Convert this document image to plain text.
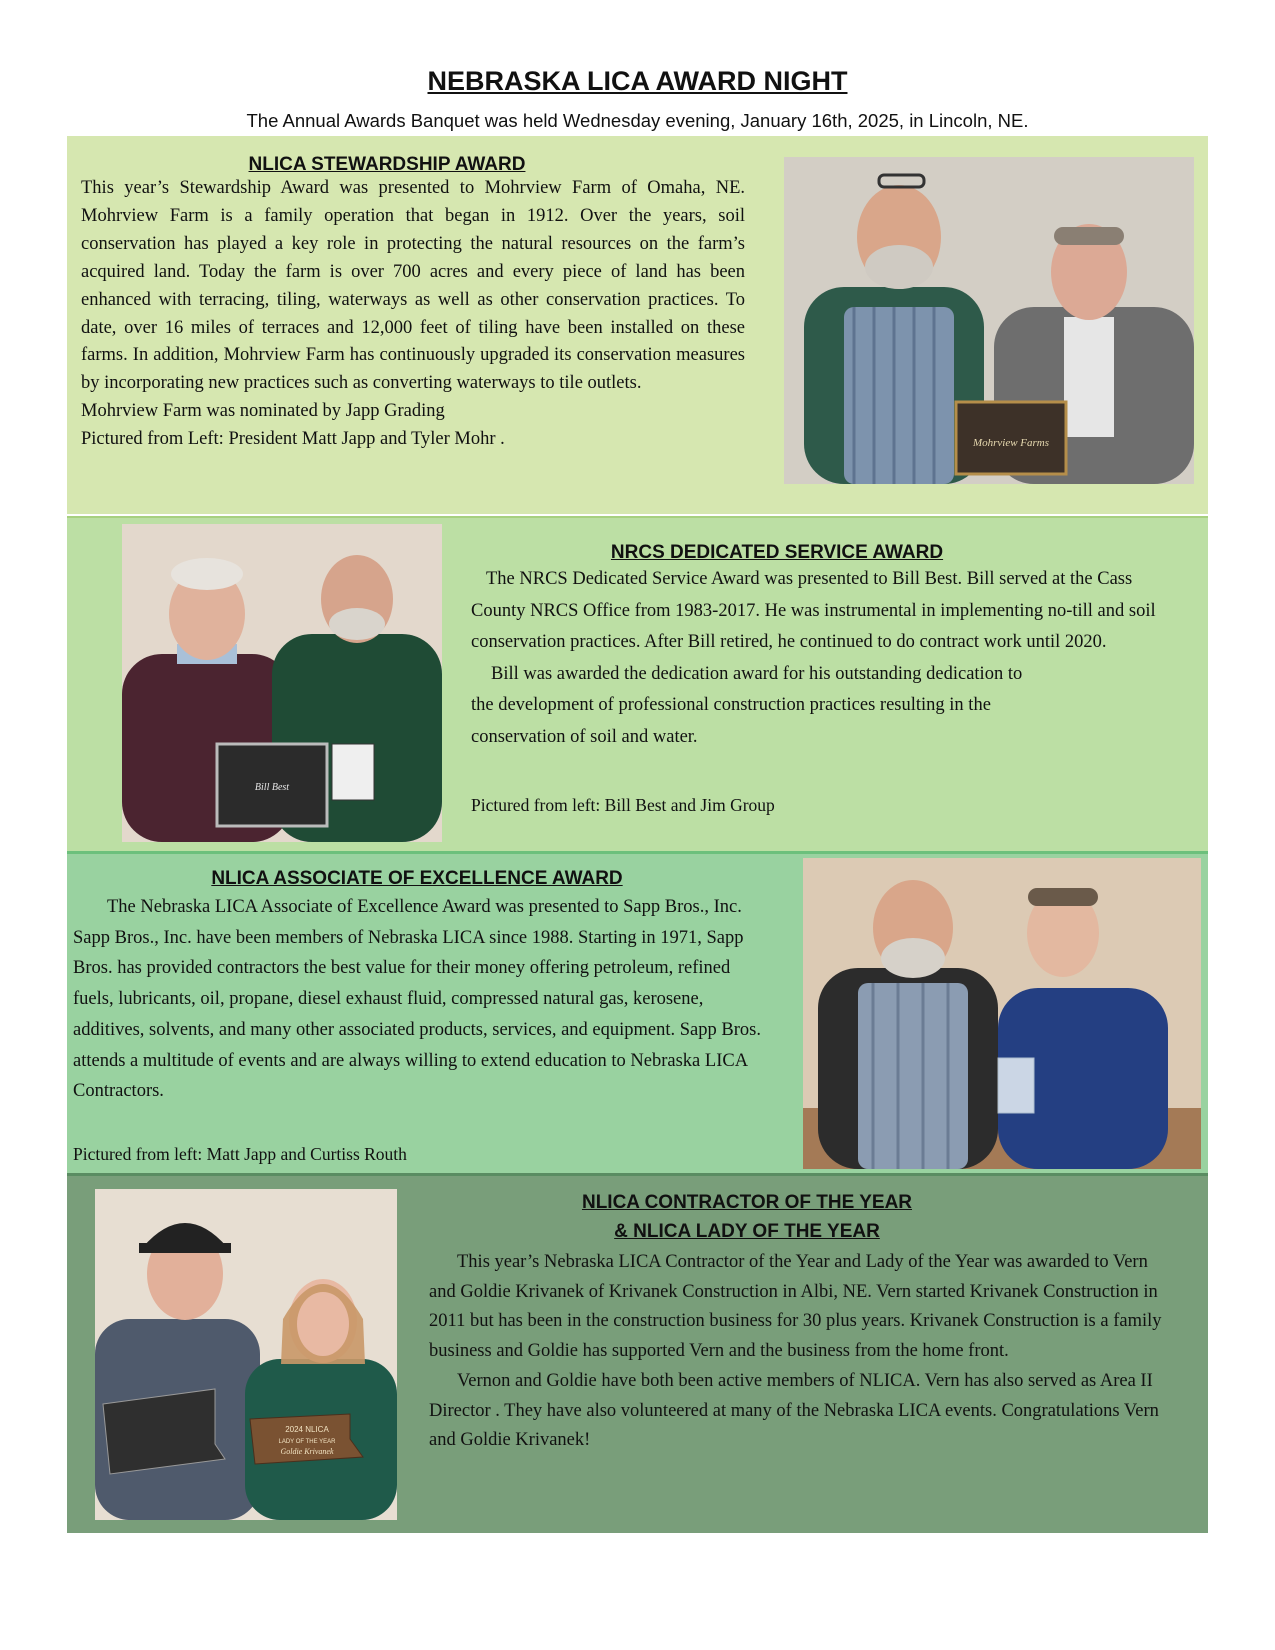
NEBRASKA LICA AWARD NIGHT

The Annual Awards Banquet was held Wednesday evening, January 16th, 2025, in Lincoln, NE.

NLICA STEWARDSHIP AWARD

This year’s Stewardship Award was presented to Mohrview Farm of Omaha, NE. Mohrview Farm is a family operation that began in 1912. Over the years, soil conservation has played a key role in protecting the natural resources on the farm’s acquired land. Today the farm is over 700 acres and every piece of land has been enhanced with terracing, tiling, waterways as well as other conservation practices. To date, over 16 miles of terraces and 12,000 feet of tiling have been installed on these farms. In addition, Mohrview Farm has continuously upgraded its conservation measures by incorporating new practices such as converting waterways to tile outlets.

Mohrview Farm was nominated by Japp Grading

Pictured from Left: President Matt Japp and Tyler Mohr .	Mohrview Farms
Bill Best
NRCS DEDICATED SERVICE AWARD

The NRCS Dedicated Service Award was presented to Bill Best. Bill served at the Cass County NRCS Office from 1983-2017. He was instrumental in implementing no-till and soil conservation practices. After Bill retired, he continued to do contract work until 2020.

Bill was awarded the dedication award for his outstanding dedication to the development of professional construction practices resulting in the conservation of soil and water.

Pictured from left: Bill Best and Jim Group

NLICA ASSOCIATE OF EXCELLENCE AWARD

The Nebraska LICA Associate of Excellence Award was presented to Sapp Bros., Inc. Sapp Bros., Inc. have been members of Nebraska LICA since 1988. Starting in 1971, Sapp Bros. has provided contractors the best value for their money offering petroleum, refined fuels, lubricants, oil, propane, diesel exhaust fluid, compressed natural gas, kerosene, additives, solvents, and many other associated products, services, and equipment. Sapp Bros. attends a multitude of events and are always willing to extend education to Nebraska LICA Contractors.

Pictured from left: Matt Japp and Curtiss Routh

2024 NLICA
LADY OF THE YEAR
Goldie Krivanek
NLICA CONTRACTOR OF THE YEAR
& NLICA LADY OF THE YEAR

This year’s Nebraska LICA Contractor of the Year and Lady of the Year was awarded to Vern and Goldie Krivanek of Krivanek Construction in Albi, NE. Vern started Krivanek Construction in 2011 but has been in the construction business for 30 plus years. Krivanek Construction is a family business and Goldie has supported Vern and the business from the home front.

Vernon and Goldie have both been active members of NLICA. Vern has also served as Area II Director . They have also volunteered at many of the Nebraska LICA events. Congratulations Vern and Goldie Krivanek!
